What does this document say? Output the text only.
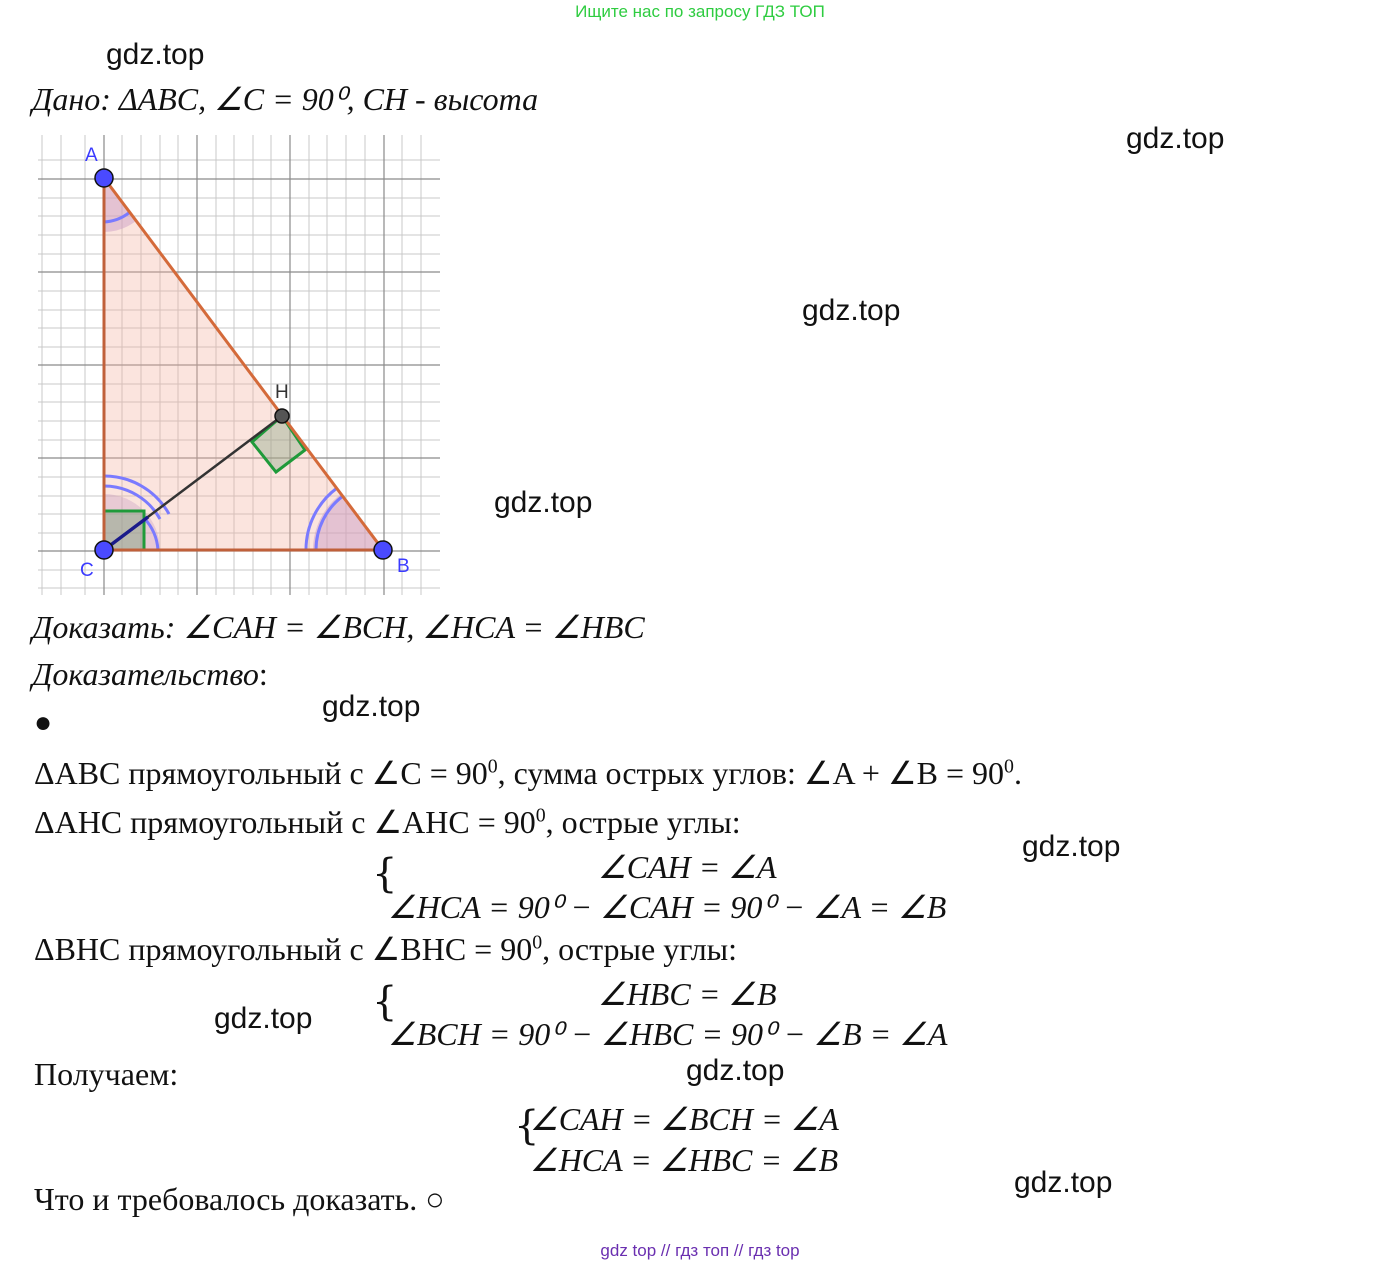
Ищите нас по запросу ГДЗ ТОП
gdz.top
gdz.top
gdz.top
gdz.top
gdz.top
gdz.top
gdz.top
gdz.top
gdz.top
Дано: ΔABC, ∠C = 90⁰, CH - высота
A
B
C
H
Доказать: ∠CAH = ∠BCH, ∠HCA = ∠HBC
Доказательство:
●
ΔABC прямоугольный с ∠C = $90^0$, сумма острых углов: ∠A + ∠B = $90^0$.
ΔAHC прямоугольный с ∠AHC = $90^0$, острые углы:
{	∠CAH = ∠A
∠HCA = 90⁰ − ∠CAH = 90⁰ − ∠A = ∠B
ΔBHC прямоугольный с ∠BHC = $90^0$, острые углы:
{	∠HBC = ∠B
∠BCH = 90⁰ − ∠HBC = 90⁰ − ∠B = ∠A
Получаем:
{
∠CAH = ∠BCH = ∠A
∠HCA = ∠HBC = ∠B
Что и требовалось доказать. ○
gdz top // гдз топ // гдз top
